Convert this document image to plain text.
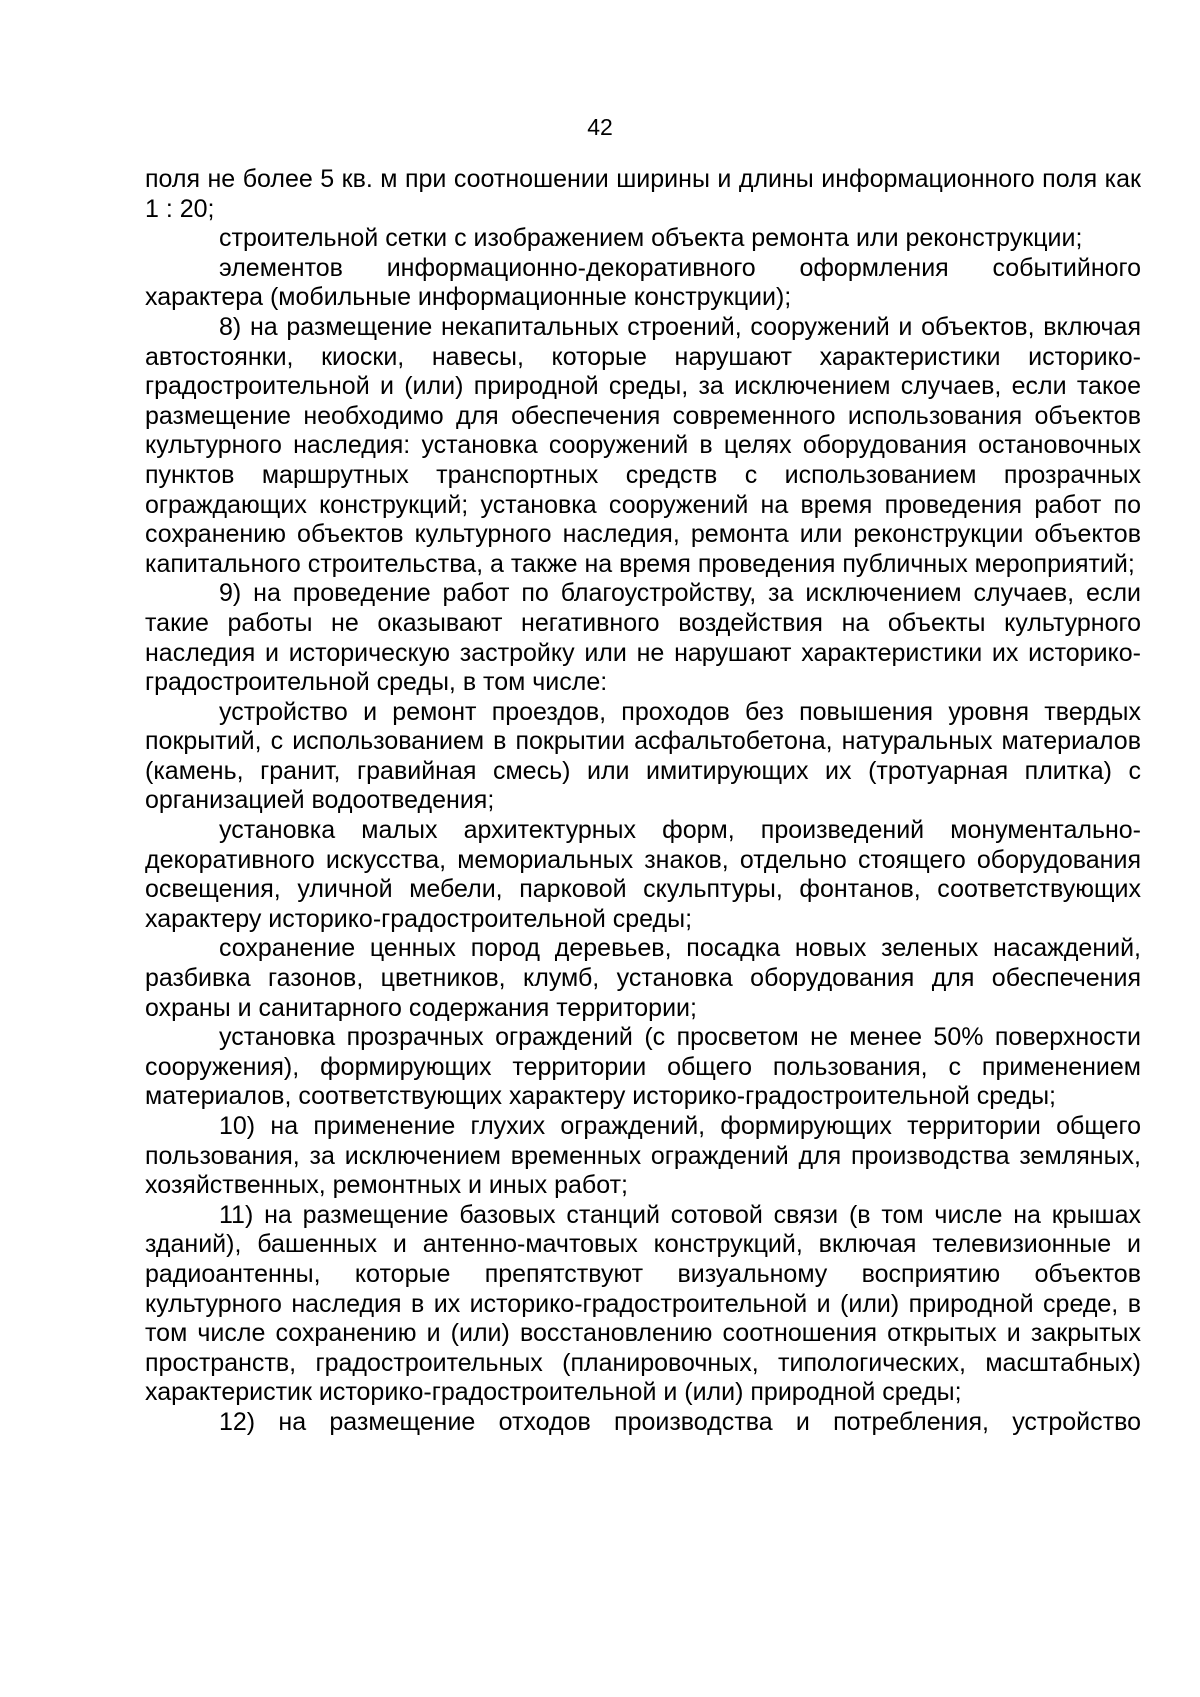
42

поля не более 5 кв. м при соотношении ширины и длины информационного поля как 1 : 20;

строительной сетки с изображением объекта ремонта или реконструкции;

элементов информационно-декоративного оформления событийного характера (мобильные информационные конструкции);

8) на размещение некапитальных строений, сооружений и объектов, включая автостоянки, киоски, навесы, которые нарушают характеристики историко-градостроительной и (или) природной среды, за исключением случаев, если такое размещение необходимо для обеспечения современного использования объектов культурного наследия: установка сооружений в целях оборудования остановочных пунктов маршрутных транспортных средств с использованием прозрачных ограждающих конструкций; установка сооружений на время проведения работ по сохранению объектов культурного наследия, ремонта или реконструкции объектов капитального строительства, а также на время проведения публичных мероприятий;

9) на проведение работ по благоустройству, за исключением случаев, если такие работы не оказывают негативного воздействия на объекты культурного наследия и историческую застройку или не нарушают характеристики их историко-градостроительной среды, в том числе:

устройство и ремонт проездов, проходов без повышения уровня твердых покрытий, с использованием в покрытии асфальтобетона, натуральных материалов (камень, гранит, гравийная смесь) или имитирующих их (тротуарная плитка) с организацией водоотведения;

установка малых архитектурных форм, произведений монументально-декоративного искусства, мемориальных знаков, отдельно стоящего оборудования освещения, уличной мебели, парковой скульптуры, фонтанов, соответствующих характеру историко-градостроительной среды;

сохранение ценных пород деревьев, посадка новых зеленых насаждений, разбивка газонов, цветников, клумб, установка оборудования для обеспечения охраны и санитарного содержания территории;

установка прозрачных ограждений (с просветом не менее 50% поверхности сооружения), формирующих территории общего пользования, с применением материалов, соответствующих характеру историко-градостроительной среды;

10) на применение глухих ограждений, формирующих территории общего пользования, за исключением временных ограждений для производства земляных, хозяйственных, ремонтных и иных работ;

11) на размещение базовых станций сотовой связи (в том числе на крышах зданий), башенных и антенно-мачтовых конструкций, включая телевизионные и радиоантенны, которые препятствуют визуальному восприятию объектов культурного наследия в их историко-градостроительной и (или) природной среде, в том числе сохранению и (или) восстановлению соотношения открытых и закрытых пространств, градостроительных (планировочных, типологических, масштабных) характеристик историко-градостроительной и (или) природной среды;

12) на размещение отходов производства и потребления, устройство
